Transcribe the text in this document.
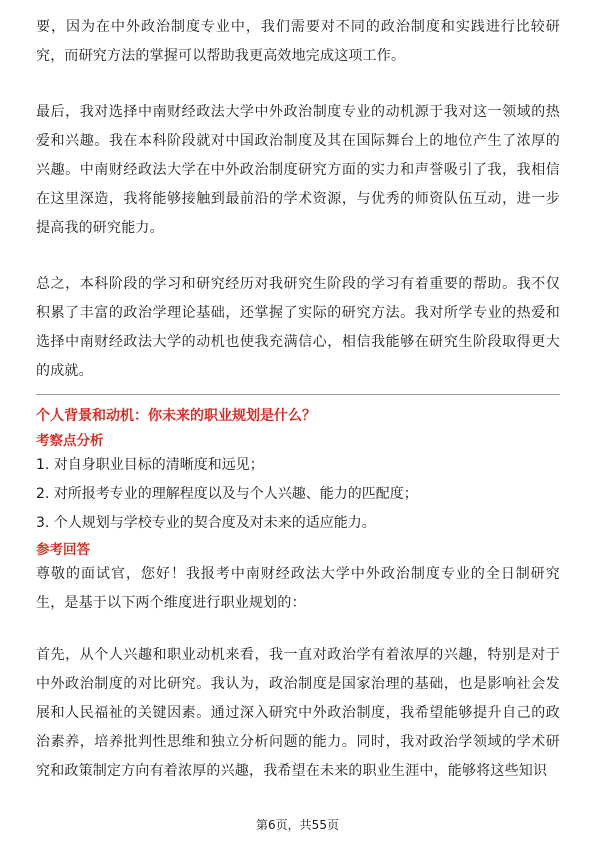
要，因为在中外政治制度专业中，我们需要对不同的政治制度和实践进行比较研究，而研究方法的掌握可以帮助我更高效地完成这项工作。

最后，我对选择中南财经政法大学中外政治制度专业的动机源于我对这一领域的热爱和兴趣。我在本科阶段就对中国政治制度及其在国际舞台上的地位产生了浓厚的兴趣。中南财经政法大学在中外政治制度研究方面的实力和声誉吸引了我，我相信在这里深造，我将能够接触到最前沿的学术资源，与优秀的师资队伍互动，进一步提高我的研究能力。

总之，本科阶段的学习和研究经历对我研究生阶段的学习有着重要的帮助。我不仅积累了丰富的政治学理论基础，还掌握了实际的研究方法。我对所学专业的热爱和选择中南财经政法大学的动机也使我充满信心，相信我能够在研究生阶段取得更大的成就。

个人背景和动机：你未来的职业规划是什么？

考察点分析

1. 对自身职业目标的清晰度和远见；

2. 对所报考专业的理解程度以及与个人兴趣、能力的匹配度；

3. 个人规划与学校专业的契合度及对未来的适应能力。

参考回答

尊敬的面试官，您好！我报考中南财经政法大学中外政治制度专业的全日制研究生，是基于以下两个维度进行职业规划的：

首先，从个人兴趣和职业动机来看，我一直对政治学有着浓厚的兴趣，特别是对于中外政治制度的对比研究。我认为，政治制度是国家治理的基础，也是影响社会发展和人民福祉的关键因素。通过深入研究中外政治制度，我希望能够提升自己的政治素养，培养批判性思维和独立分析问题的能力。同时，我对政治学领域的学术研究和政策制定方向有着浓厚的兴趣，我希望在未来的职业生涯中，能够将这些知识

第6页，共55页
